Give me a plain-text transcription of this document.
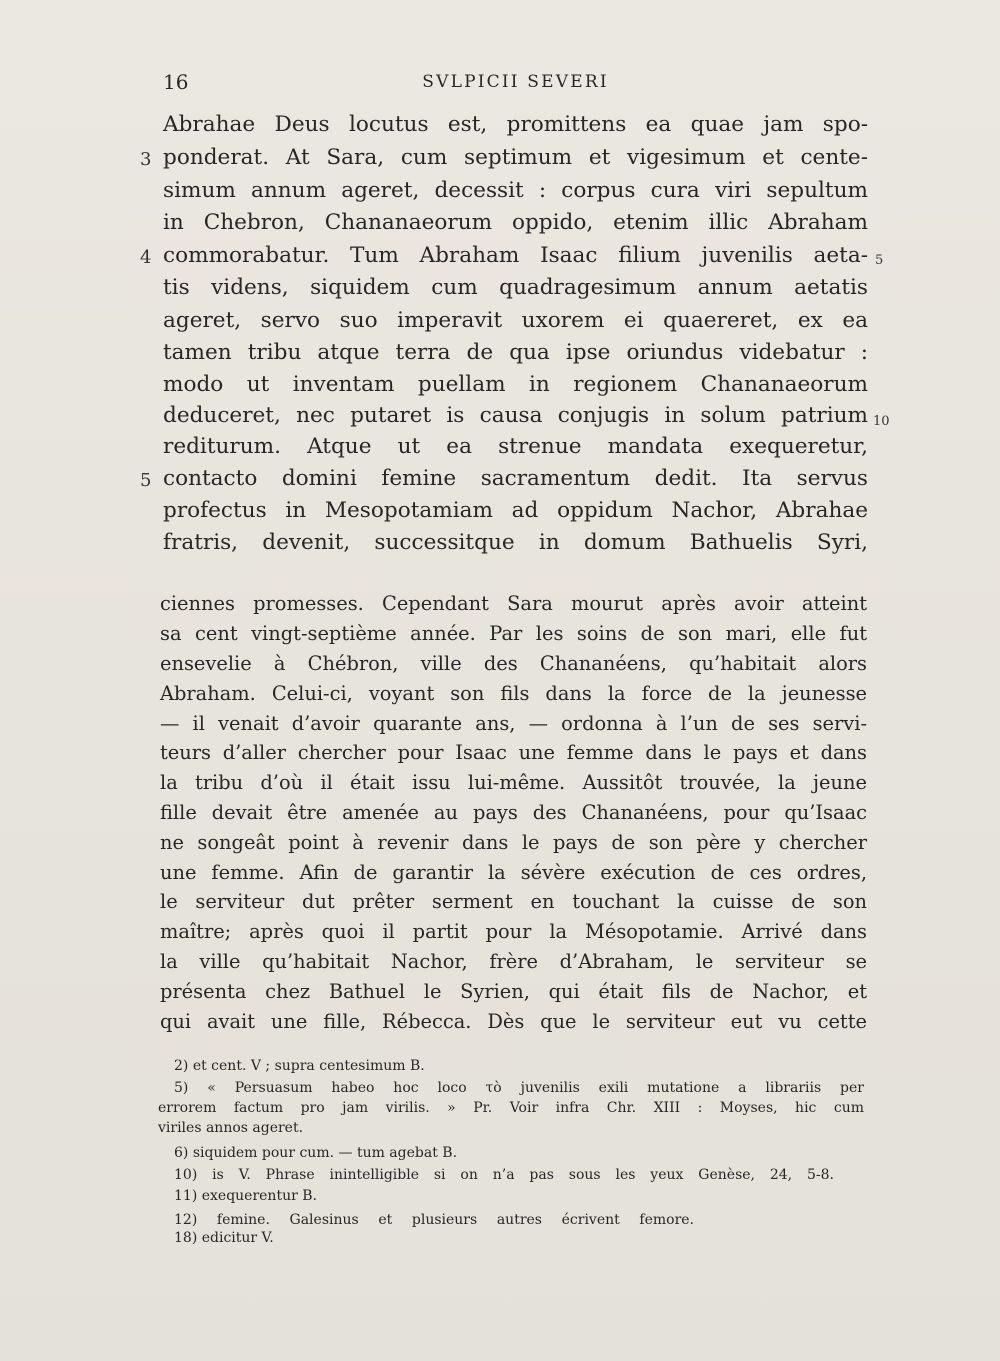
16	SVLPICII SEVERI
Abrahae Deus locutus est, promittens ea quae jam spo-
ponderat. At Sara, cum septimum et vigesimum et cente-
simum annum ageret, decessit : corpus cura viri sepultum
in Chebron, Chananaeorum oppido, etenim illic Abraham
commorabatur. Tum Abraham Isaac filium juvenilis aeta-
tis videns, siquidem cum quadragesimum annum aetatis
ageret, servo suo imperavit uxorem ei quaereret, ex ea
tamen tribu atque terra de qua ipse oriundus videbatur :
modo ut inventam puellam in regionem Chananaeorum
deduceret, nec putaret is causa conjugis in solum patrium
rediturum. Atque ut ea strenue mandata exequeretur,
contacto domini femine sacramentum dedit. Ita servus
profectus in Mesopotamiam ad oppidum Nachor, Abrahae
fratris, devenit, successitque in domum Bathuelis Syri,
3
4
5
5
10
ciennes promesses. Cependant Sara mourut après avoir atteint
sa cent vingt-septième année. Par les soins de son mari, elle fut
ensevelie à Chébron, ville des Chananéens, qu’habitait alors
Abraham. Celui-ci, voyant son fils dans la force de la jeunesse
— il venait d’avoir quarante ans, — ordonna à l’un de ses servi-
teurs d’aller chercher pour Isaac une femme dans le pays et dans
la tribu d’où il était issu lui-même. Aussitôt trouvée, la jeune
fille devait être amenée au pays des Chananéens, pour qu’Isaac
ne songeât point à revenir dans le pays de son père y chercher
une femme. Afin de garantir la sévère exécution de ces ordres,
le serviteur dut prêter serment en touchant la cuisse de son
maître; après quoi il partit pour la Mésopotamie. Arrivé dans
la ville qu’habitait Nachor, frère d’Abraham, le serviteur se
présenta chez Bathuel le Syrien, qui était fils de Nachor, et
qui avait une fille, Rébecca. Dès que le serviteur eut vu cette
2) et cent. V ; supra centesimum B.
5) « Persuasum habeo hoc loco τὸ juvenilis exili mutatione a librariis per
errorem factum pro jam virilis. » Pr. Voir infra Chr. XIII : Moyses, hic cum
viriles annos ageret.
6) siquidem pour cum. — tum agebat B.
10) is V. Phrase inintelligible si on n’a pas sous les yeux Genèse, 24, 5-8.
11) exequerentur B.
12) femine. Galesinus et plusieurs autres écrivent femore.
18) edicitur V.
